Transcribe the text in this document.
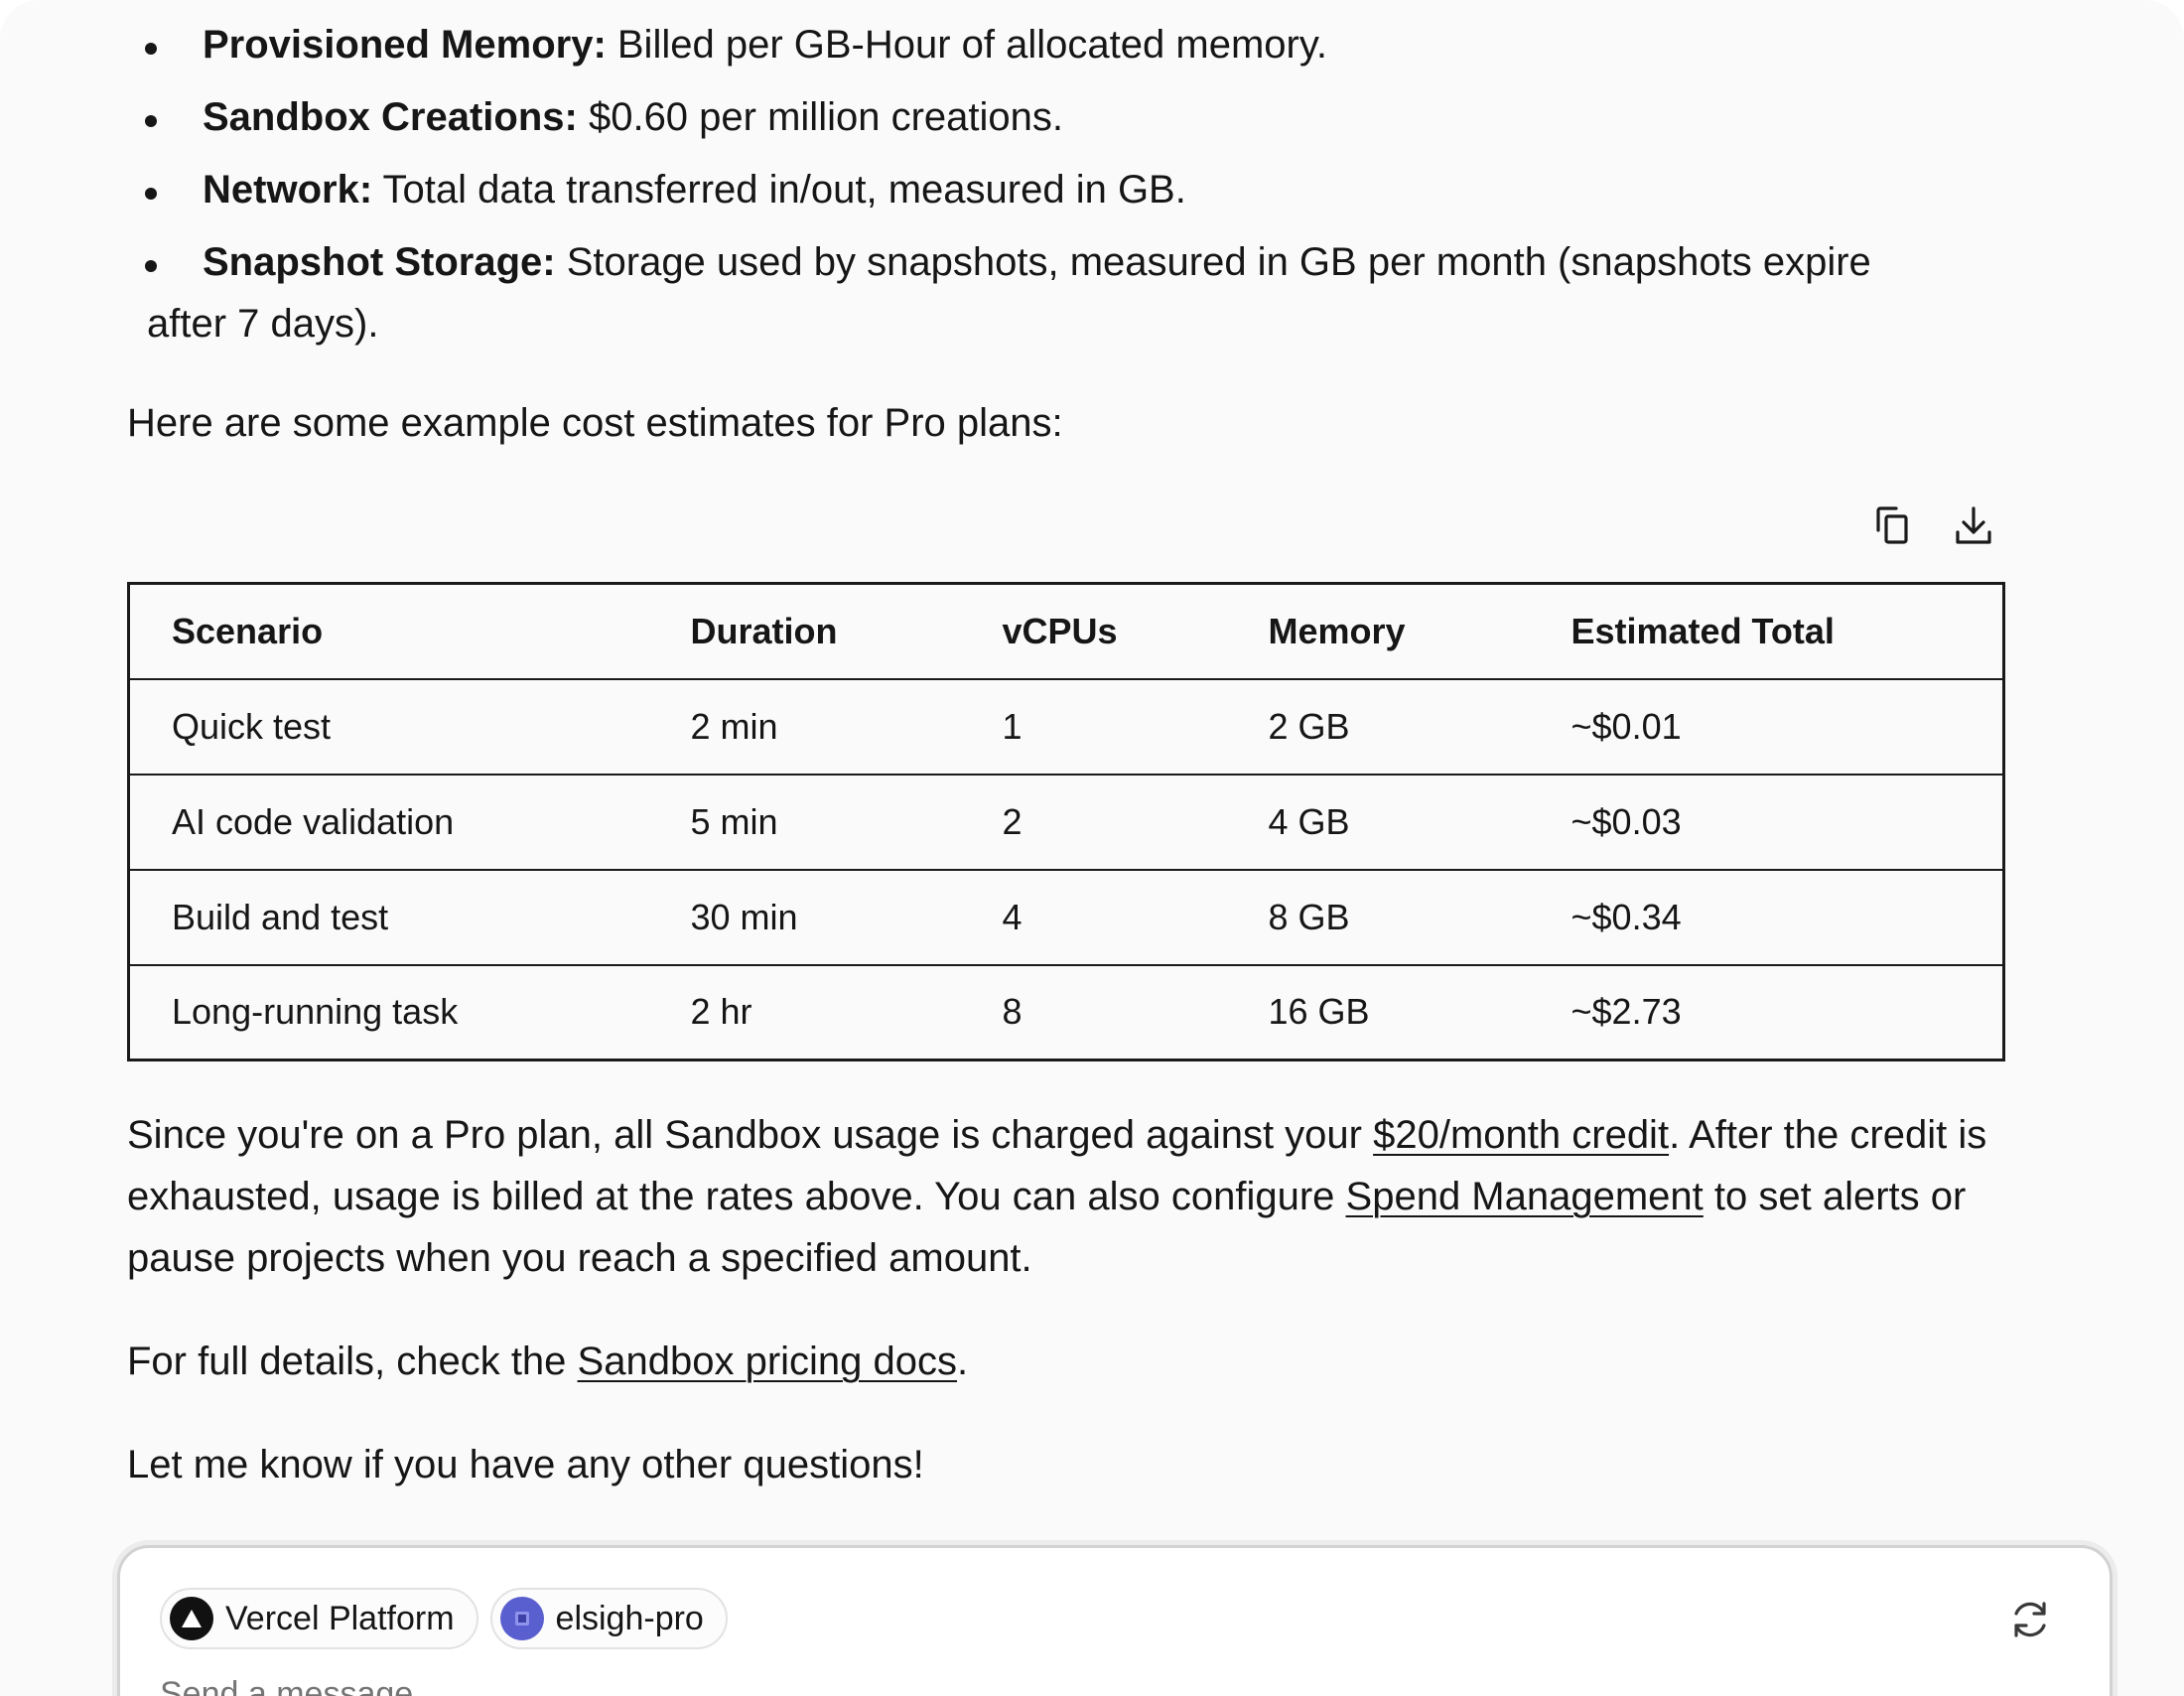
Provisioned Memory: Billed per GB-Hour of allocated memory.
Sandbox Creations: $0.60 per million creations.
Network: Total data transferred in/out, measured in GB.
Snapshot Storage: Storage used by snapshots, measured in GB per month (snapshots expire
after 7 days).

Here are some example cost estimates for Pro plans:

Scenario	Duration	vCPUs	Memory	Estimated Total
Quick test	2 min	1	2 GB	~$0.01
AI code validation	5 min	2	4 GB	~$0.03
Build and test	30 min	4	8 GB	~$0.34
Long-running task	2 hr	8	16 GB	~$2.73

Since you're on a Pro plan, all Sandbox usage is charged against your $20/month credit. After the credit is exhausted, usage is billed at the rates above. You can also configure Spend Management to set alerts or pause projects when you reach a specified amount.

For full details, check the Sandbox pricing docs.

Let me know if you have any other questions!

Vercel Platform	elsigh-pro
Send a message...
